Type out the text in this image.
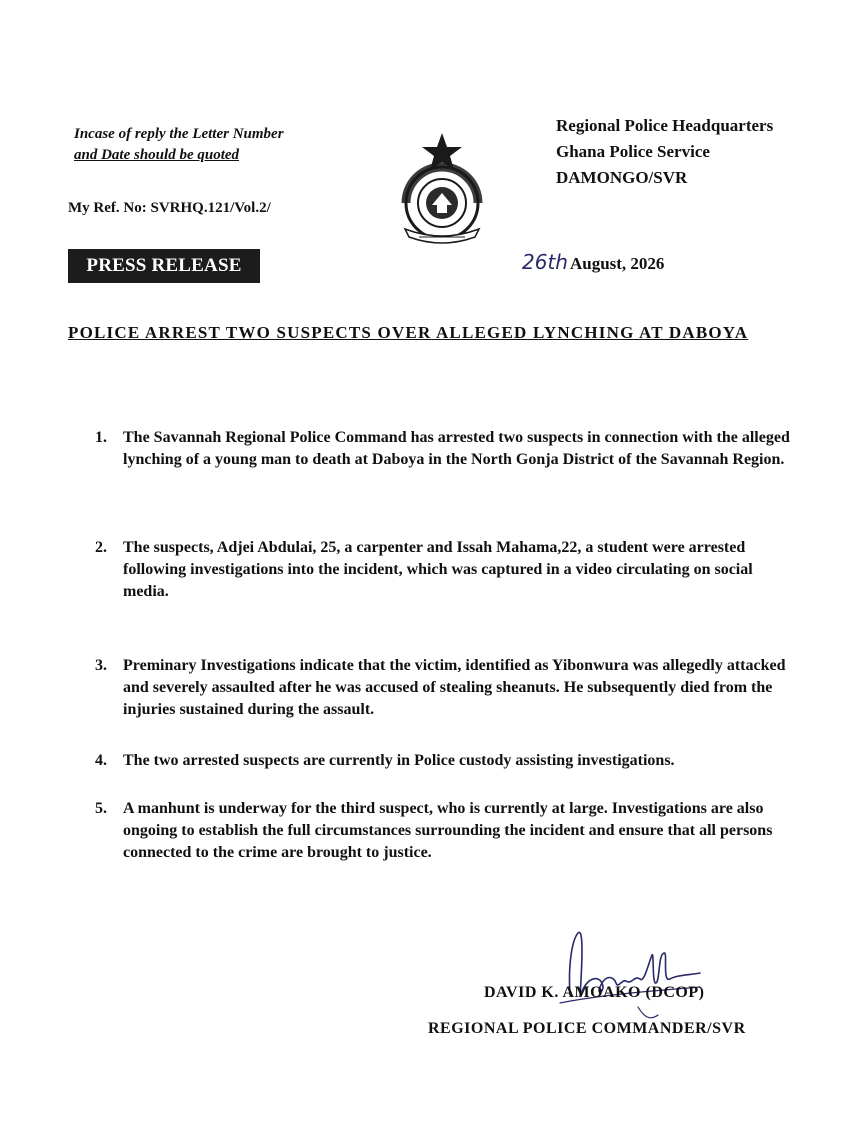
Incase of reply the Letter Number
and Date should be quoted
My Ref. No: SVRHQ.121/Vol.2/
Regional Police Headquarters
Ghana Police Service
DAMONGO/SVR
PRESS RELEASE	26th August, 2026
POLICE ARREST TWO SUSPECTS OVER ALLEGED LYNCHING AT DABOYA
1.	The Savannah Regional Police Command has arrested two suspects in connection with the alleged lynching of a young man to death at Daboya in the North Gonja District of the Savannah Region.
2.	The suspects, Adjei Abdulai, 25, a carpenter and Issah Mahama,22, a student were arrested following investigations into the incident, which was captured in a video circulating on social media.
3.	Preminary Investigations indicate that the victim, identified as Yibonwura was allegedly attacked and severely assaulted after he was accused of stealing sheanuts. He subsequently died from the injuries sustained during the assault.
4.	The two arrested suspects are currently in Police custody assisting investigations.
5.	A manhunt is underway for the third suspect, who is currently at large. Investigations are also ongoing to establish the full circumstances surrounding the incident and ensure that all persons connected to the crime are brought to justice.
DAVID K. AMOAKO (DCOP)
REGIONAL POLICE COMMANDER/SVR
